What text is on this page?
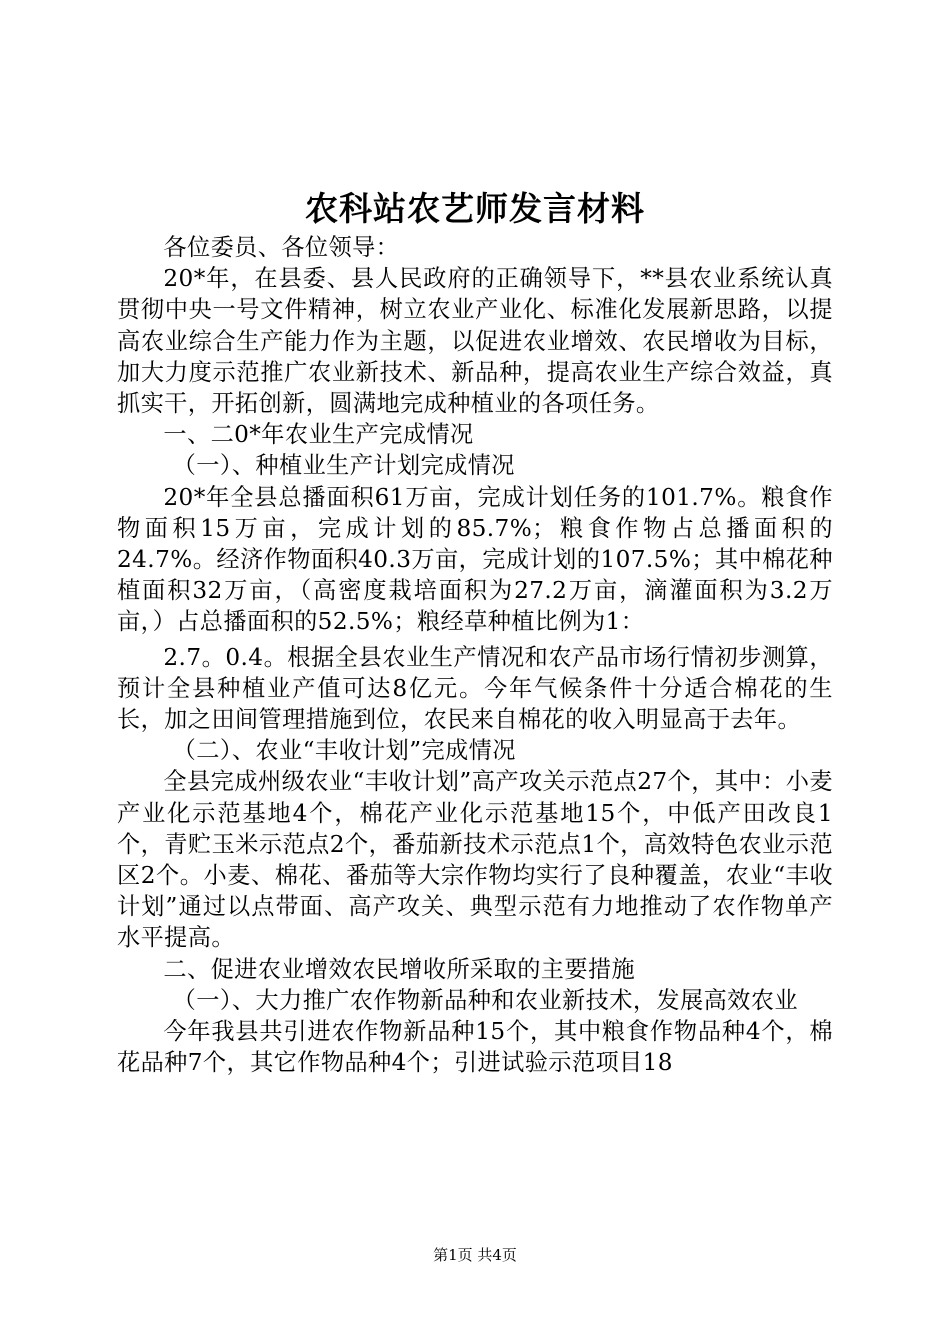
农科站农艺师发言材料

各位委员、各位领导：

20*年，在县委、县人民政府的正确领导下，**县农业系统认真贯彻中央一号文件精神，树立农业产业化、标准化发展新思路，以提高农业综合生产能力作为主题，以促进农业增效、农民增收为目标，加大力度示范推广农业新技术、新品种，提高农业生产综合效益，真抓实干，开拓创新，圆满地完成种植业的各项任务。

一、二0*年农业生产完成情况

（一）、种植业生产计划完成情况

20*年全县总播面积61万亩，完成计划任务的101.7%。粮食作物面积15万亩，完成计划的85.7%；粮食作物占总播面积的24.7%。经济作物面积40.3万亩，完成计划的107.5%；其中棉花种植面积32万亩，（高密度栽培面积为27.2万亩，滴灌面积为3.2万亩，）占总播面积的52.5%；粮经草种植比例为1：

2.7。0.4。根据全县农业生产情况和农产品市场行情初步测算，预计全县种植业产值可达8亿元。今年气候条件十分适合棉花的生长，加之田间管理措施到位，农民来自棉花的收入明显高于去年。

（二）、农业“丰收计划”完成情况

全县完成州级农业“丰收计划”高产攻关示范点27个，其中：小麦产业化示范基地4个，棉花产业化示范基地15个，中低产田改良1个，青贮玉米示范点2个，番茄新技术示范点1个，高效特色农业示范区2个。小麦、棉花、番茄等大宗作物均实行了良种覆盖，农业“丰收计划”通过以点带面、高产攻关、典型示范有力地推动了农作物单产水平提高。

二、促进农业增效农民增收所采取的主要措施

（一）、大力推广农作物新品种和农业新技术，发展高效农业

今年我县共引进农作物新品种15个，其中粮食作物品种4个，棉花品种7个，其它作物品种4个；引进试验示范项目18

第1页 共4页
